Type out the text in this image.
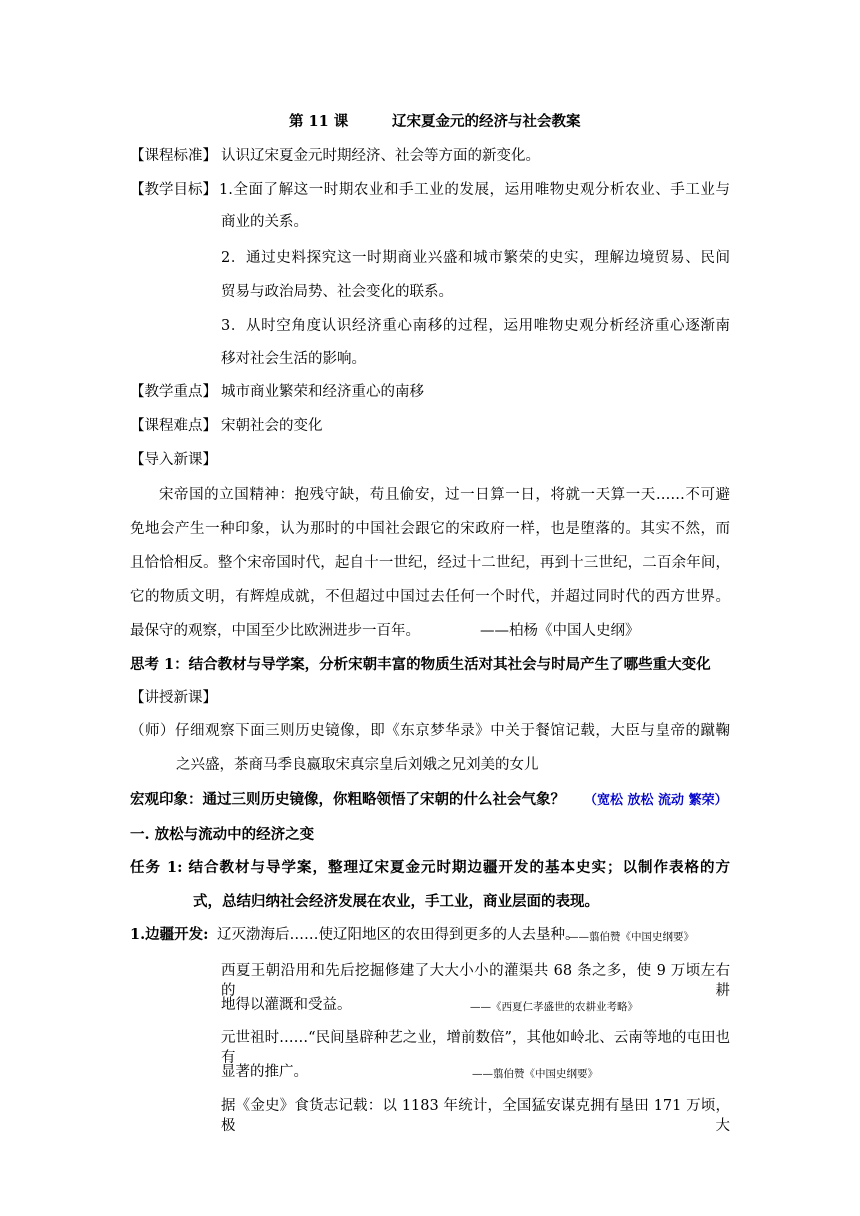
第 11 课	辽宋夏金元的经济与社会教案
【课程标准】 认识辽宋夏金元时期经济、社会等方面的新变化。
【教学目标】 1.全面了解这一时期农业和手工业的发展，运用唯物史观分析农业、手工业与
商业的关系。
2．通过史料探究这一时期商业兴盛和城市繁荣的史实，理解边境贸易、民间
贸易与政治局势、社会变化的联系。
3．从时空角度认识经济重心南移的过程，运用唯物史观分析经济重心逐渐南
移对社会生活的影响。
【教学重点】 城市商业繁荣和经济重心的南移
【课程难点】 宋朝社会的变化
【导入新课】
宋帝国的立国精神：抱残守缺，苟且偷安，过一日算一日，将就一天算一天……不可避
免地会产生一种印象，认为那时的中国社会跟它的宋政府一样，也是堕落的。其实不然，而
且恰恰相反。整个宋帝国时代，起自十一世纪，经过十二世纪，再到十三世纪，二百余年间，
它的物质文明，有辉煌成就，不但超过中国过去任何一个时代，并超过同时代的西方世界。
最保守的观察，中国至少比欧洲进步一百年。	——柏杨《中国人史纲》
思考 1：结合教材与导学案，分析宋朝丰富的物质生活对其社会与时局产生了哪些重大变化
【讲授新课】
（师）仔细观察下面三则历史镜像，即《东京梦华录》中关于餐馆记载，大臣与皇帝的蹴鞠
之兴盛，茶商马季良嬴取宋真宗皇后刘娥之兄刘美的女儿
宏观印象：通过三则历史镜像，你粗略领悟了宋朝的什么社会气象？ （宽松 放松 流动 繁荣）
一. 放松与流动中的经济之变
任务 1: 结合教材与导学案，整理辽宋夏金元时期边疆开发的基本史实；以制作表格的方
式，总结归纳社会经济发展在农业，手工业，商业层面的表现。
1.边疆开发: 辽灭渤海后……使辽阳地区的农田得到更多的人去垦种。
——翦伯赞《中国史纲要》
西夏王朝沿用和先后挖掘修建了大大小小的灌渠共 68 条之多，使 9 万顷左右的耕
地得以灌溉和受益。	——《西夏仁孝盛世的农耕业考略》
元世祖时……“民间垦辟种艺之业，增前数倍”，其他如岭北、云南等地的屯田也有
显著的推广。	——翦伯赞《中国史纲要》
据《金史》食货志记载：以 1183 年统计，全国猛安谋克拥有垦田 171 万顷，极大
